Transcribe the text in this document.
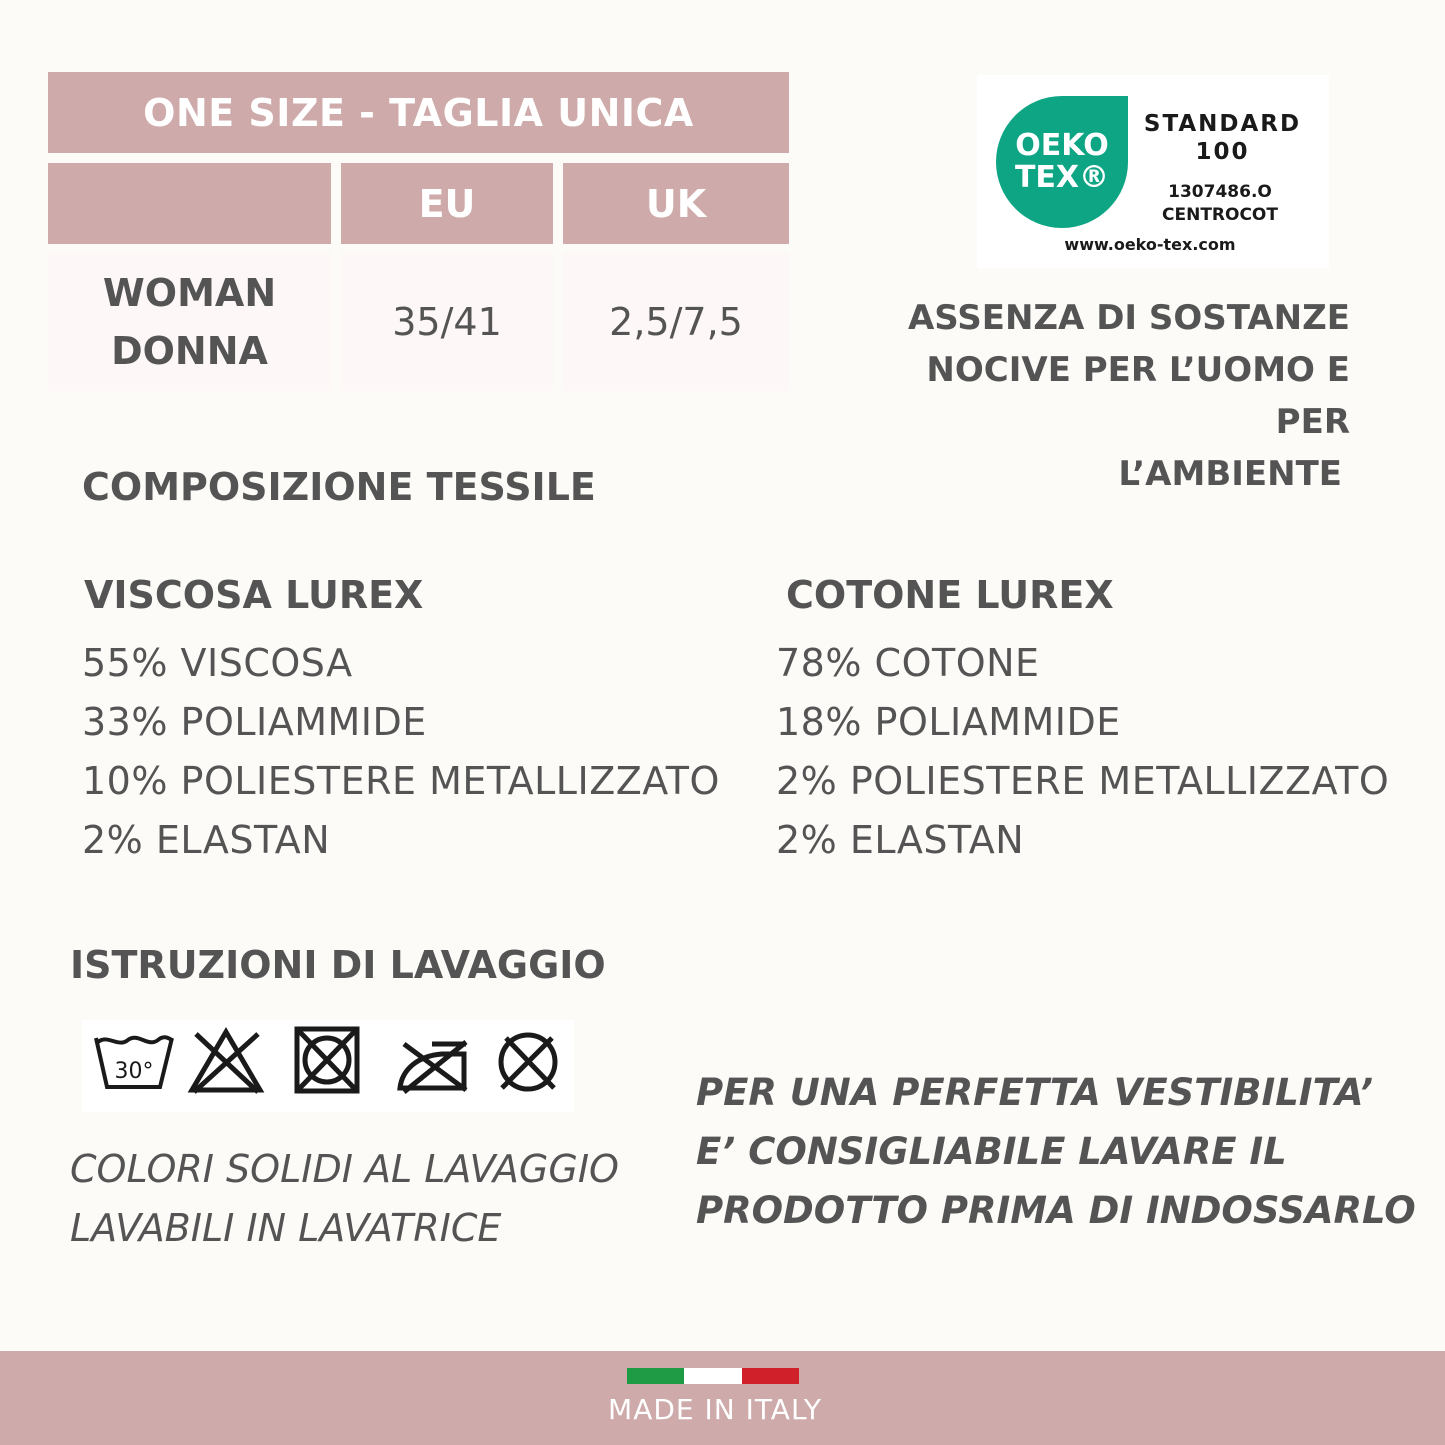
ONE SIZE - TAGLIA UNICA
EU	UK
WOMAN
DONNA
35/41	2,5/7,5
OEKO
TEX®
STANDARD
100
1307486.O
CENTROCOT
www.oeko-tex.com
ASSENZA DI SOSTANZE
NOCIVE PER L’UOMO E PER
L’AMBIENTE
COMPOSIZIONE TESSILE
VISCOSA LUREX
55% VISCOSA
33% POLIAMMIDE
10% POLIESTERE METALLIZZATO
2% ELASTAN
COTONE LUREX
78% COTONE
18% POLIAMMIDE
2% POLIESTERE METALLIZZATO
2% ELASTAN
ISTRUZIONI DI LAVAGGIO
30°
COLORI SOLIDI AL LAVAGGIO
LAVABILI IN LAVATRICE
PER UNA PERFETTA VESTIBILITA’
E’ CONSIGLIABILE LAVARE IL
PRODOTTO PRIMA DI INDOSSARLO
MADE IN ITALY
